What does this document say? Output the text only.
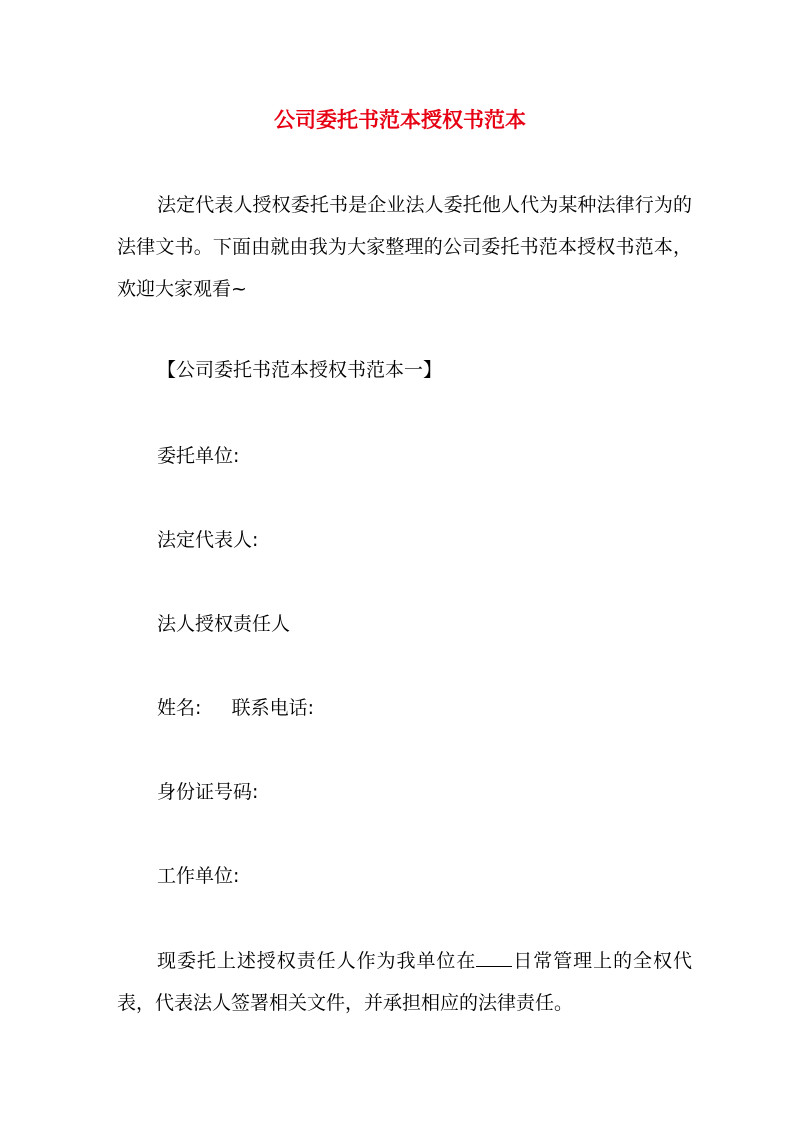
公司委托书范本授权书范本
法定代表人授权委托书是企业法人委托他人代为某种法律行为的法律文书。下面由就由我为大家整理的公司委托书范本授权书范本，欢迎大家观看~
【公司委托书范本授权书范本一】
委托单位:
法定代表人:
法人授权责任人
姓名:     联系电话:
身份证号码:
工作单位:
现委托上述授权责任人作为我单位在 日常管理上的全权代表，代表法人签署相关文件，并承担相应的法律责任。
